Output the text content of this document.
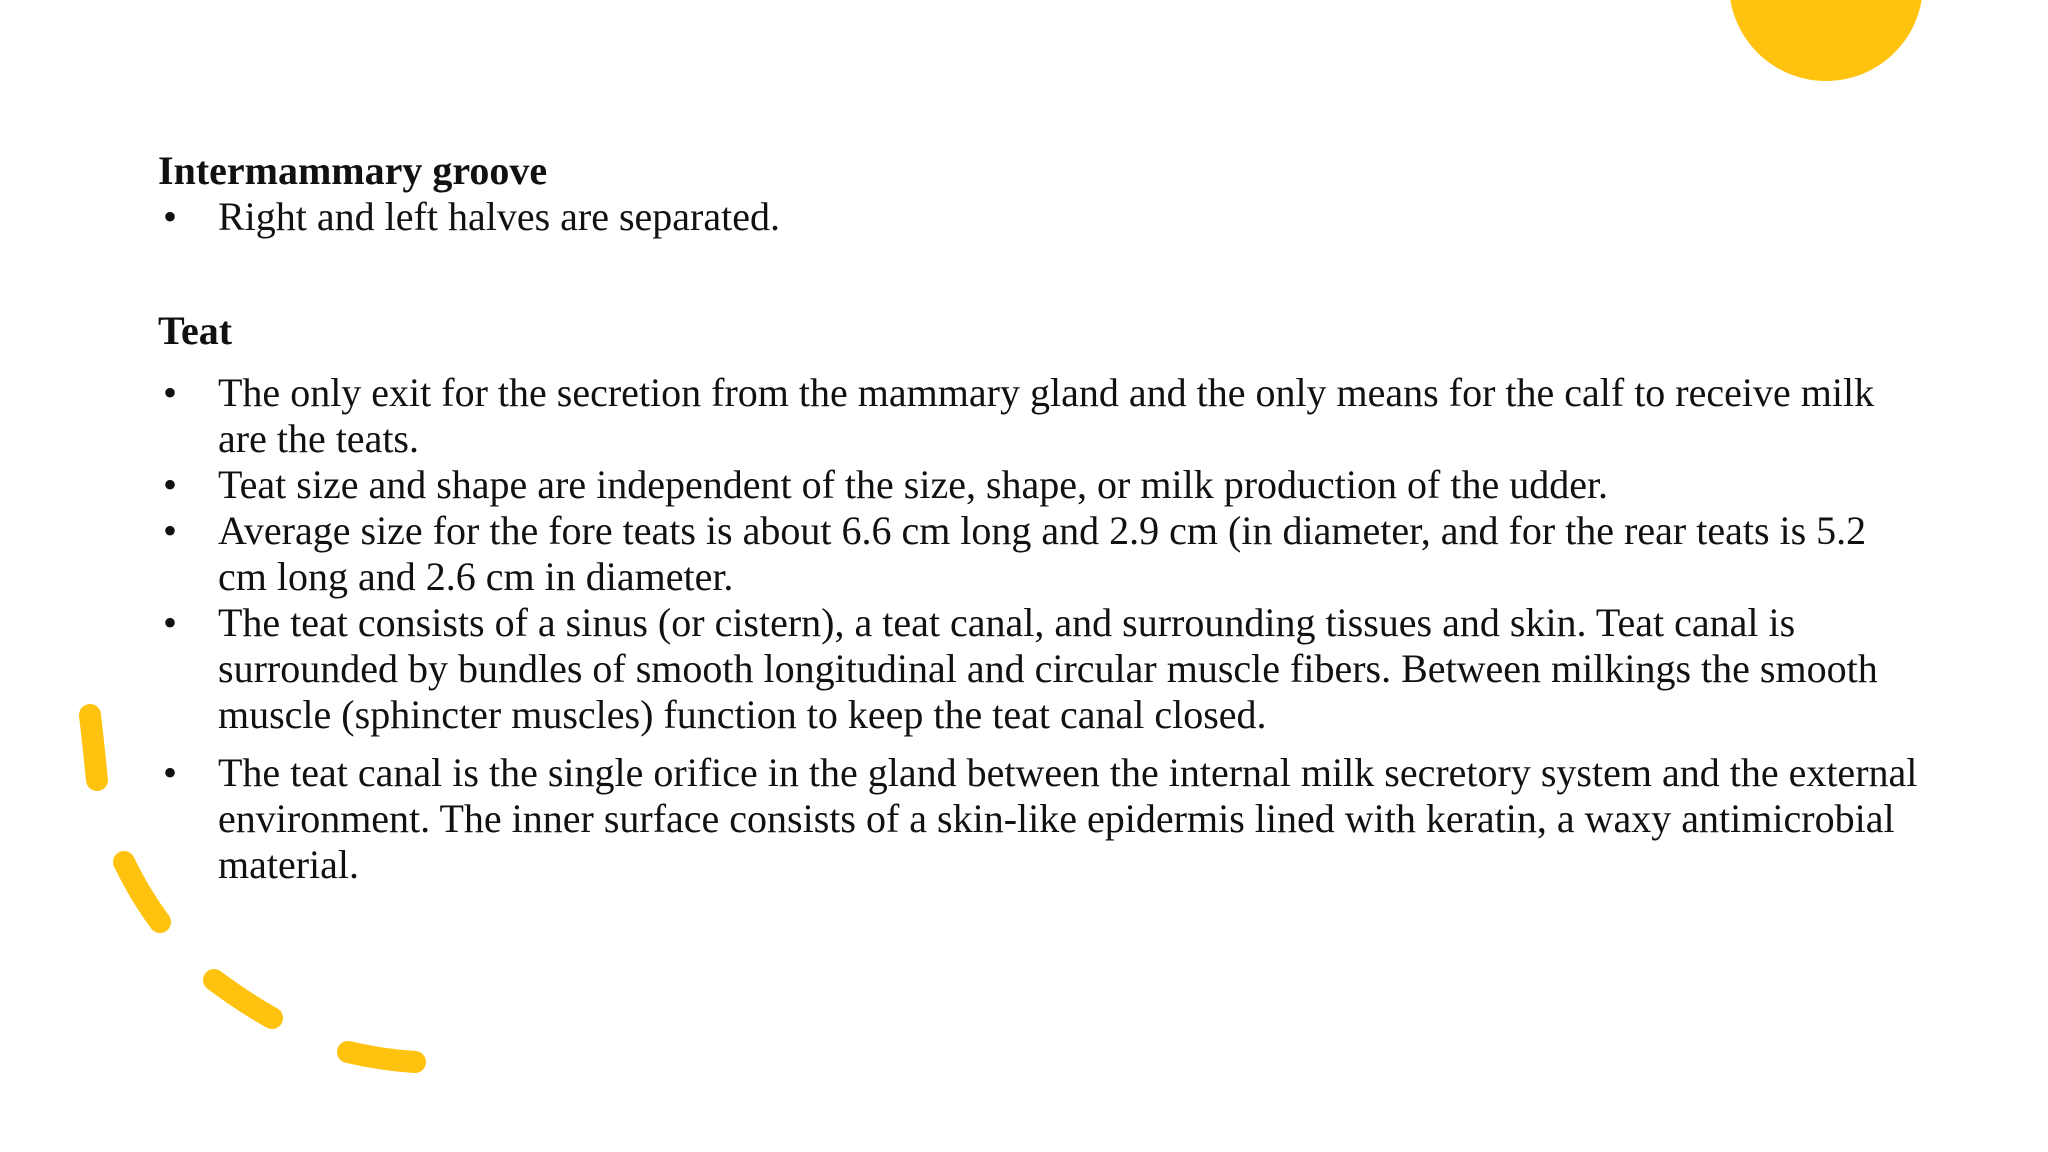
Intermammary groove

• Right and left halves are separated.

Teat

• The only exit for the secretion from the mammary gland and the only means for the calf to receive milk are the teats.
• Teat size and shape are independent of the size, shape, or milk production of the udder.
• Average size for the fore teats is about 6.6 cm long and 2.9 cm (in diameter, and for the rear teats is 5.2 cm long and 2.6 cm in diameter.
• The teat consists of a sinus (or cistern), a teat canal, and surrounding tissues and skin. Teat canal is surrounded by bundles of smooth longitudinal and circular muscle fibers. Between milkings the smooth muscle (sphincter muscles) function to keep the teat canal closed.
• The teat canal is the single orifice in the gland between the internal milk secretory system and the external environment. The inner surface consists of a skin-like epidermis lined with keratin, a waxy antimicrobial material.
